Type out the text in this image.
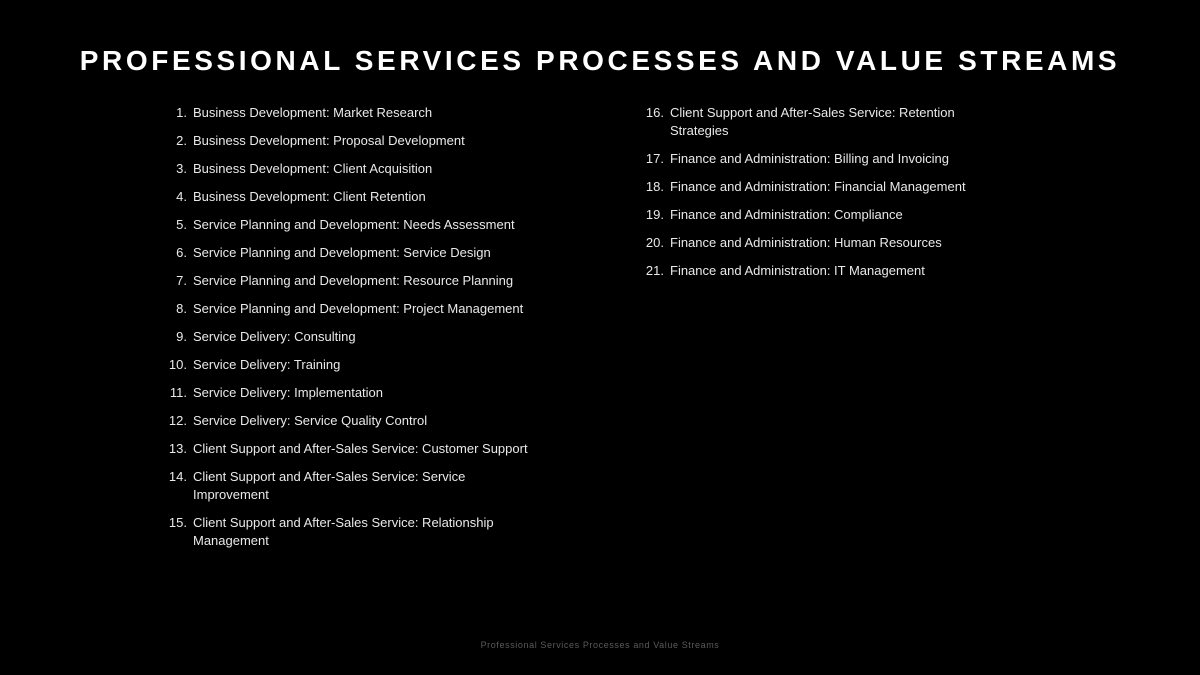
PROFESSIONAL SERVICES PROCESSES AND VALUE STREAMS
1. Business Development: Market Research
2. Business Development: Proposal Development
3. Business Development: Client Acquisition
4. Business Development: Client Retention
5. Service Planning and Development: Needs Assessment
6. Service Planning and Development: Service Design
7. Service Planning and Development: Resource Planning
8. Service Planning and Development: Project Management
9. Service Delivery: Consulting
10. Service Delivery: Training
11. Service Delivery: Implementation
12. Service Delivery: Service Quality Control
13. Client Support and After-Sales Service: Customer Support
14. Client Support and After-Sales Service: Service Improvement
15. Client Support and After-Sales Service: Relationship Management
16. Client Support and After-Sales Service: Retention Strategies
17. Finance and Administration: Billing and Invoicing
18. Finance and Administration: Financial Management
19. Finance and Administration: Compliance
20. Finance and Administration: Human Resources
21. Finance and Administration: IT Management
Professional Services Processes and Value Streams
